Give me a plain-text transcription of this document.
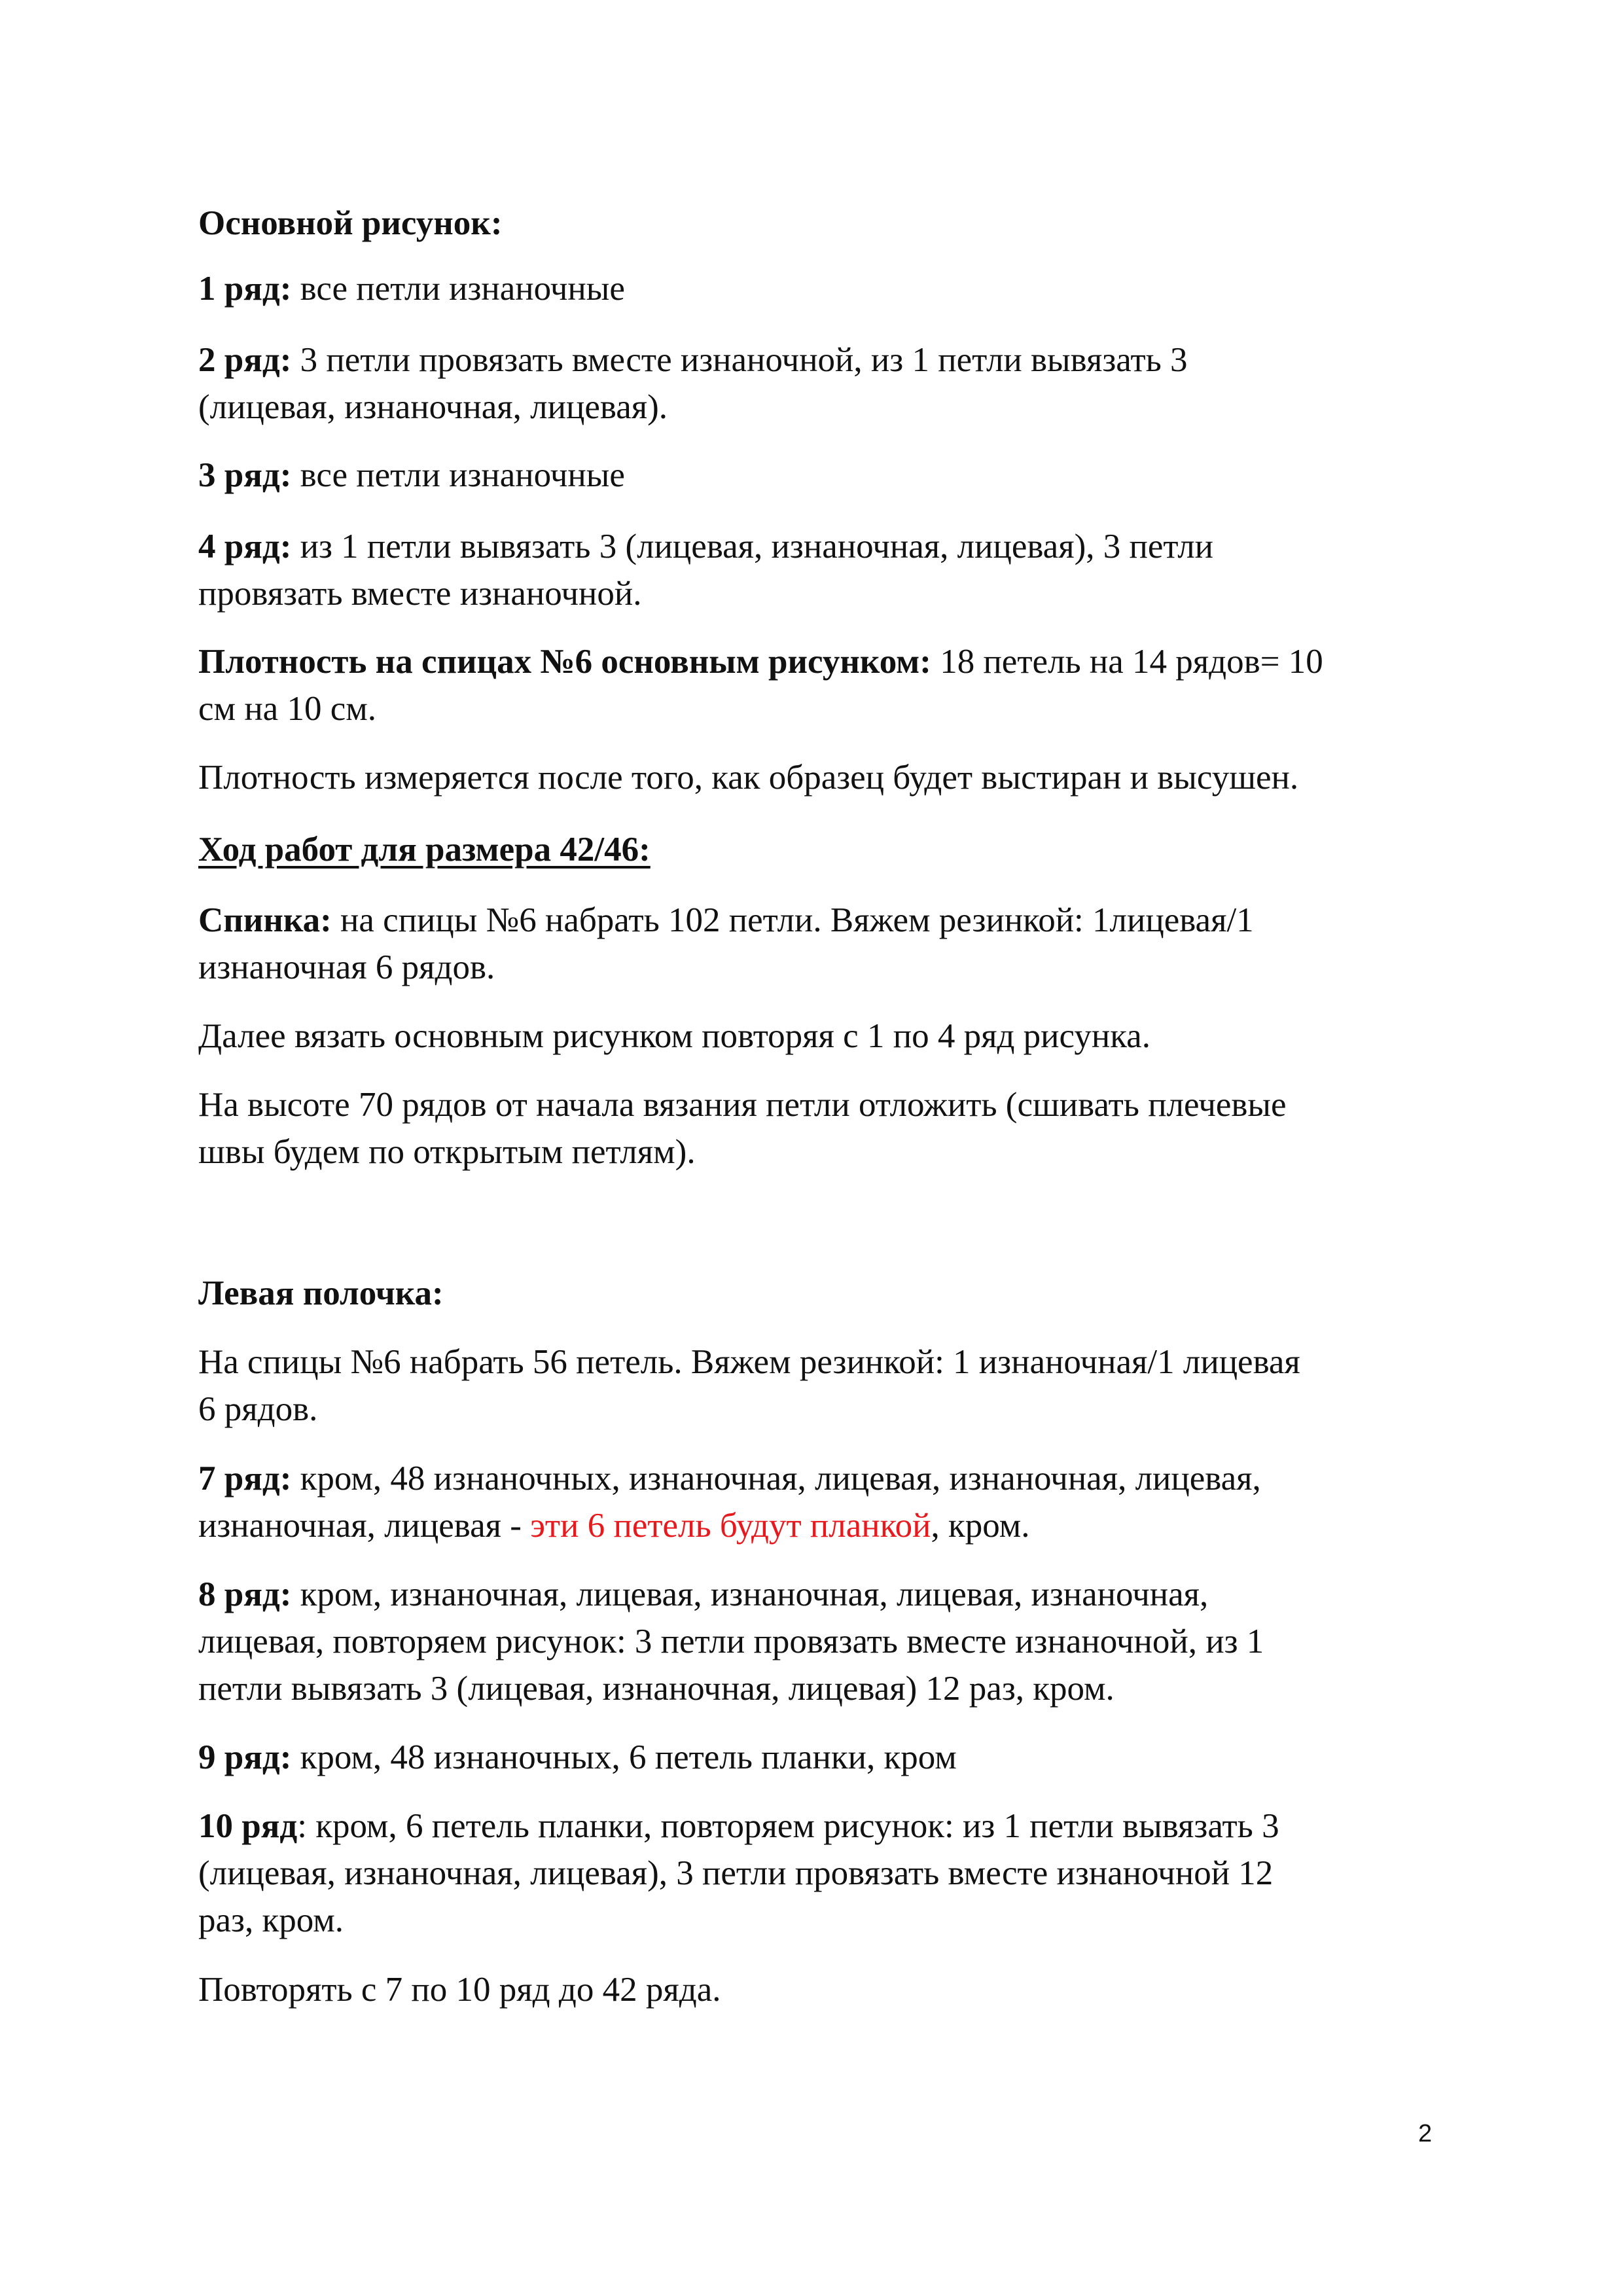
Основной рисунок:

1 ряд: все петли изнаночные

2 ряд: 3 петли провязать вместе изнаночной, из 1 петли вывязать 3

(лицевая, изнаночная, лицевая).

3 ряд: все петли изнаночные

4 ряд: из 1 петли вывязать 3 (лицевая, изнаночная, лицевая), 3 петли

провязать вместе изнаночной.

Плотность на спицах №6 основным рисунком: 18 петель на 14 рядов= 10

см на 10 см.

Плотность измеряется после того, как образец будет выстиран и высушен.

Ход работ для размера 42/46:

Спинка: на спицы №6 набрать 102 петли. Вяжем резинкой: 1лицевая/1

изнаночная 6 рядов.

Далее вязать основным рисунком повторяя с 1 по 4 ряд рисунка.

На высоте 70 рядов от начала вязания петли отложить (сшивать плечевые

швы будем по открытым петлям).

Левая полочка:

На спицы №6 набрать 56 петель. Вяжем резинкой: 1 изнаночная/1 лицевая

6 рядов.

7 ряд: кром, 48 изнаночных, изнаночная, лицевая, изнаночная, лицевая,

изнаночная, лицевая - эти 6 петель будут планкой, кром.

8 ряд: кром, изнаночная, лицевая, изнаночная, лицевая, изнаночная,

лицевая, повторяем рисунок: 3 петли провязать вместе изнаночной, из 1

петли вывязать 3 (лицевая, изнаночная, лицевая) 12 раз, кром.

9 ряд: кром, 48 изнаночных, 6 петель планки, кром

10 ряд: кром, 6 петель планки, повторяем рисунок: из 1 петли вывязать 3

(лицевая, изнаночная, лицевая), 3 петли провязать вместе изнаночной 12

раз, кром.

Повторять с 7 по 10 ряд до 42 ряда.

2
